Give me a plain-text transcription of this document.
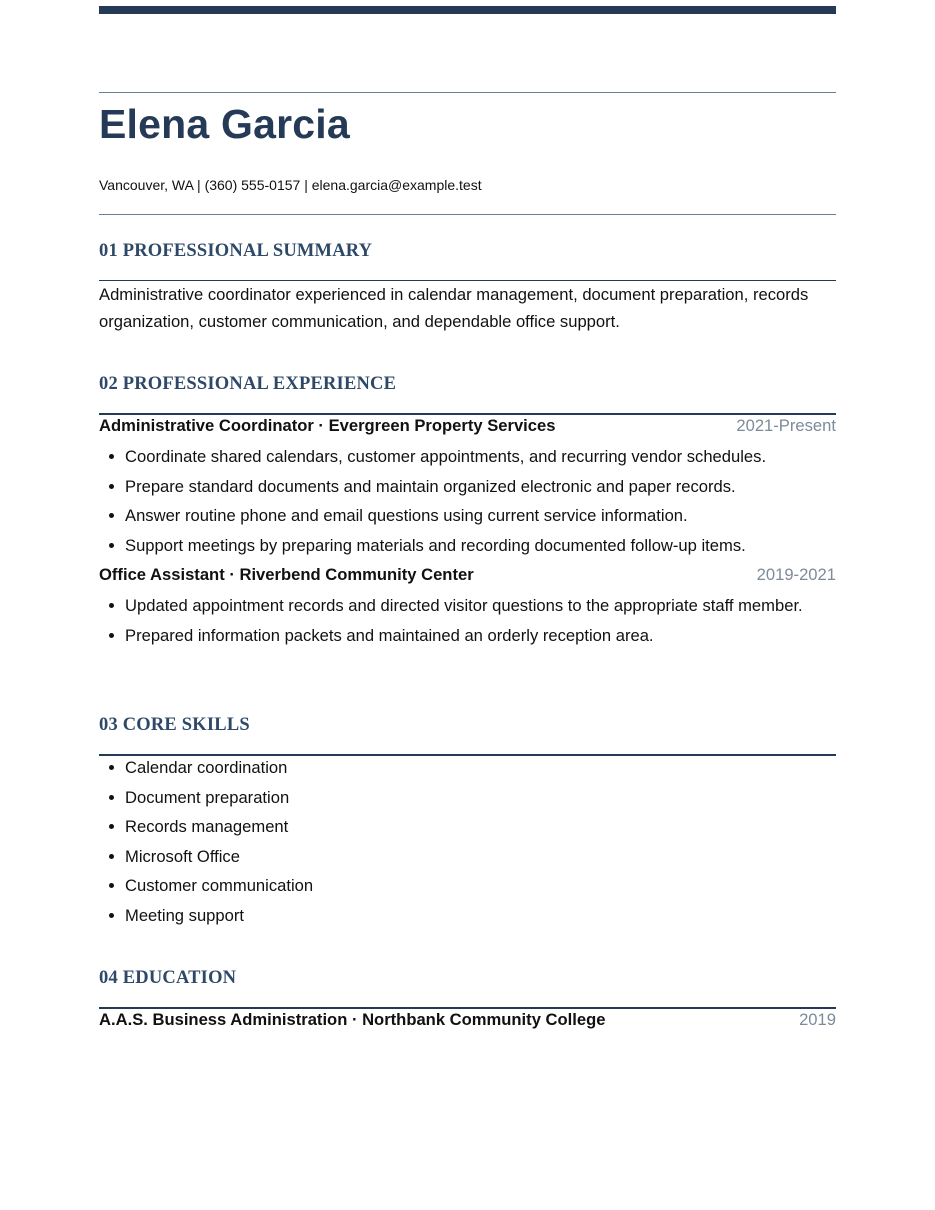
Elena Garcia
Vancouver, WA | (360) 555-0157 | elena.garcia@example.test
01 PROFESSIONAL SUMMARY
Administrative coordinator experienced in calendar management, document preparation, records organization, customer communication, and dependable office support.
02 PROFESSIONAL EXPERIENCE
Administrative Coordinator · Evergreen Property Services	2021-Present
Coordinate shared calendars, customer appointments, and recurring vendor schedules.
Prepare standard documents and maintain organized electronic and paper records.
Answer routine phone and email questions using current service information.
Support meetings by preparing materials and recording documented follow-up items.
Office Assistant · Riverbend Community Center	2019-2021
Updated appointment records and directed visitor questions to the appropriate staff member.
Prepared information packets and maintained an orderly reception area.
03 CORE SKILLS
Calendar coordination
Document preparation
Records management
Microsoft Office
Customer communication
Meeting support
04 EDUCATION
A.A.S. Business Administration · Northbank Community College	2019
